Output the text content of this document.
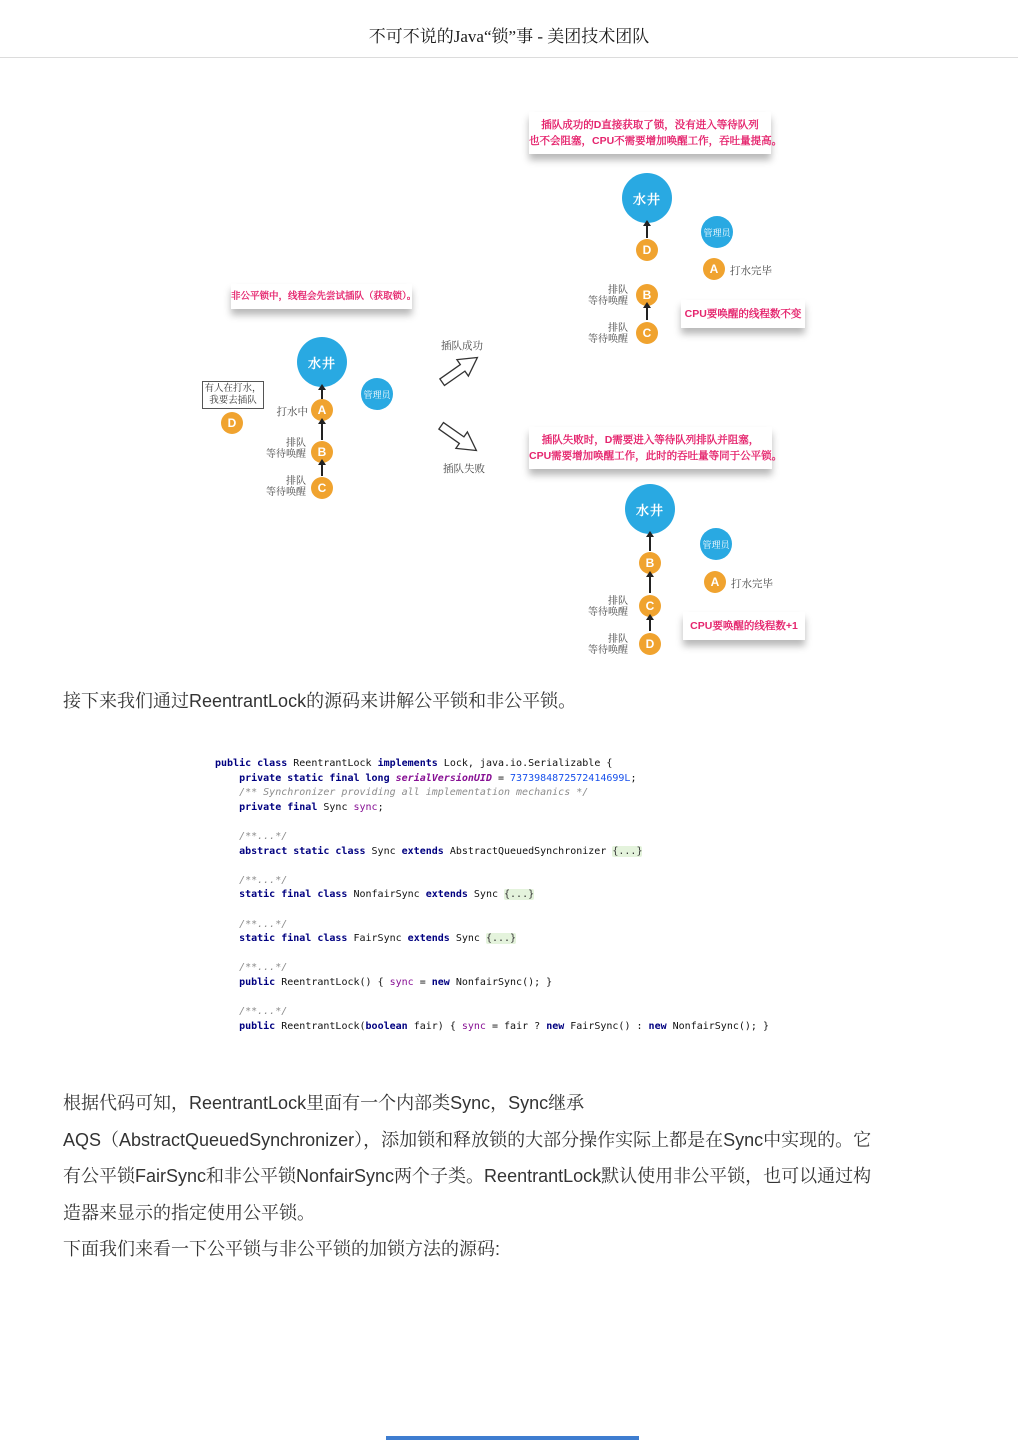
不可不说的Java“锁”事 - 美团技术团队
非公平锁中，线程会先尝试插队（获取锁）。
水井
管理员
A
打水中
B
排队
等待唤醒
C
排队
等待唤醒
有人在打水，
我要去插队
D
插队成功
插队失败
插队成功的D直接获取了锁，没有进入等待队列
也不会阻塞，CPU不需要增加唤醒工作，吞吐量提高。
水井
D
管理员
A	打水完毕
B
排队
等待唤醒
C
排队
等待唤醒
CPU要唤醒的线程数不变
插队失败时，D需要进入等待队列排队并阻塞，
CPU需要增加唤醒工作，此时的吞吐量等同于公平锁。
水井
B
C
排队
等待唤醒
D
排队
等待唤醒
管理员
A	打水完毕
CPU要唤醒的线程数+1
接下来我们通过ReentrantLock的源码来讲解公平锁和非公平锁。
public class ReentrantLock implements Lock, java.io.Serializable {
private static final long serialVersionUID = 7373984872572414699L;
/** Synchronizer providing all implementation mechanics */
private final Sync sync;

/**...*/
abstract static class Sync extends AbstractQueuedSynchronizer {...}

/**...*/
static final class NonfairSync extends Sync {...}

/**...*/
static final class FairSync extends Sync {...}

/**...*/
public ReentrantLock() { sync = new NonfairSync(); }

/**...*/
public ReentrantLock(boolean fair) { sync = fair ? new FairSync() : new NonfairSync(); }
根据代码可知，ReentrantLock里面有一个内部类Sync，Sync继承
AQS（AbstractQueuedSynchronizer），添加锁和释放锁的大部分操作实际上都是在Sync中实现的。它
有公平锁FairSync和非公平锁NonfairSync两个子类。ReentrantLock默认使用非公平锁，也可以通过构
造器来显示的指定使用公平锁。
下面我们来看一下公平锁与非公平锁的加锁方法的源码:
